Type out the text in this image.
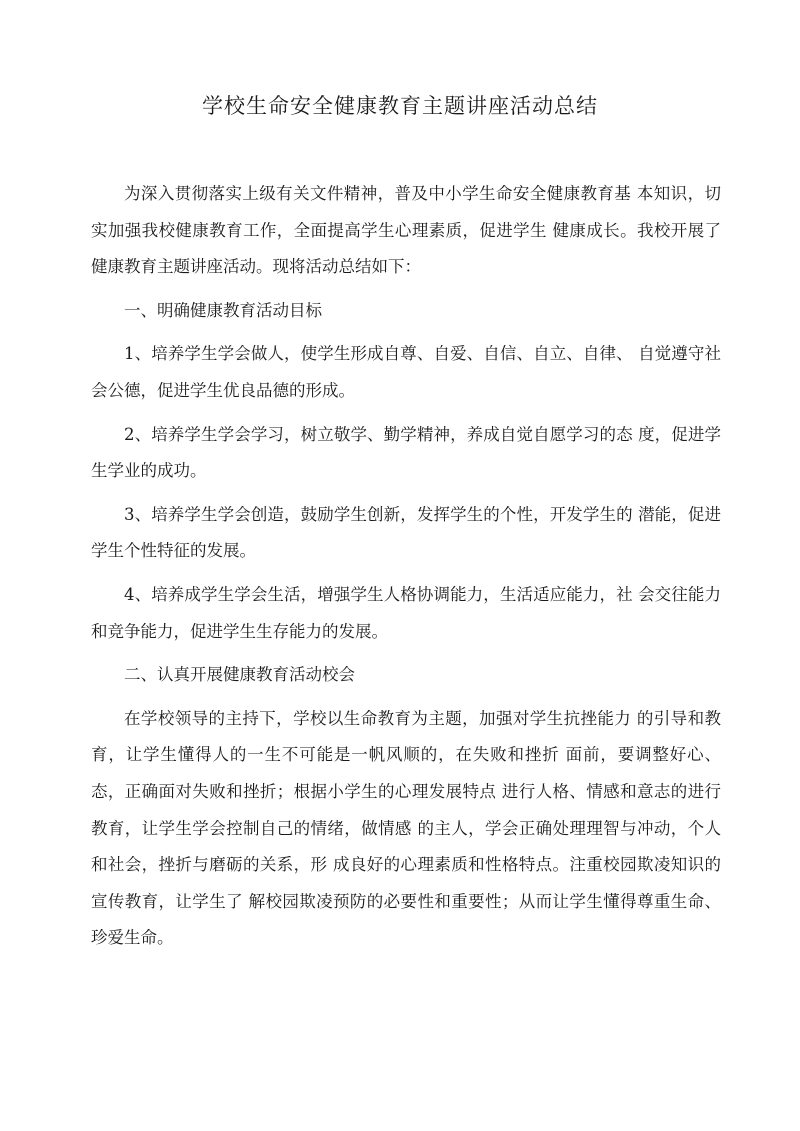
学校生命安全健康教育主题讲座活动总结

为深入贯彻落实上级有关文件精神，普及中小学生命安全健康教育基 本知识，切实加强我校健康教育工作，全面提高学生心理素质，促进学生 健康成长。我校开展了健康教育主题讲座活动。现将活动总结如下：

一、明确健康教育活动目标

1、培养学生学会做人，使学生形成自尊、自爱、自信、自立、自律、 自觉遵守社会公德，促进学生优良品德的形成。

2、培养学生学会学习，树立敬学、勤学精神，养成自觉自愿学习的态 度，促进学生学业的成功。

3、培养学生学会创造，鼓励学生创新，发挥学生的个性，开发学生的 潜能，促进学生个性特征的发展。

4、培养成学生学会生活，增强学生人格协调能力，生活适应能力，社 会交往能力和竞争能力，促进学生生存能力的发展。

二、认真开展健康教育活动校会

在学校领导的主持下，学校以生命教育为主题，加强对学生抗挫能力 的引导和教育，让学生懂得人的一生不可能是一帆风顺的，在失败和挫折 面前，要调整好心、态，正确面对失败和挫折；根据小学生的心理发展特点 进行人格、情感和意志的进行教育，让学生学会控制自己的情绪，做情感 的主人，学会正确处理理智与冲动，个人和社会，挫折与磨砺的关系，形 成良好的心理素质和性格特点。注重校园欺凌知识的宣传教育，让学生了 解校园欺凌预防的必要性和重要性；从而让学生懂得尊重生命、珍爱生命。
